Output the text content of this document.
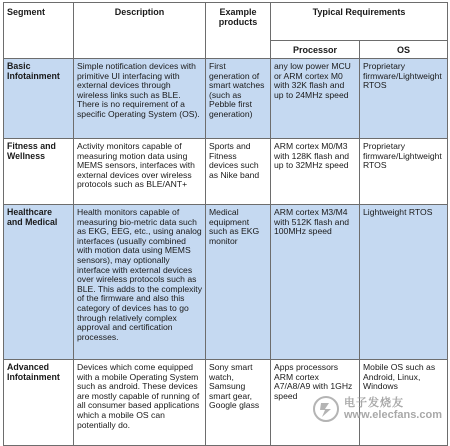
Segment	Description	Example products	Typical Requirements	
			Processor	OS
Basic Infotainment	Simple notification devices with primitive UI interfacing with external devices through wireless links such as BLE. There is no requirement of a specific Operating System (OS).	First generation of smart watches (such as Pebble first generation)	any low power MCU or ARM cortex M0 with 32K flash and up to 24MHz speed	Proprietary firmware/Lightweight RTOS
Fitness and Wellness	Activity monitors capable of measuring motion data using MEMS sensors, interfaces with external devices over wireless protocols such as BLE/ANT+	Sports and Fitness devices such as Nike band	ARM cortex M0/M3 with 128K flash and up to 32MHz speed	Proprietary firmware/Lightweight RTOS
Healthcare and Medical	Health monitors capable of measuring bio-metric data such as EKG, EEG, etc., using analog interfaces (usually combined with motion data using MEMS sensors), may optionally interface with external devices over wireless protocols such as BLE. This adds to the complexity of the firmware and also this category of devices has to go through relatively complex approval and certification processes.	Medical equipment such as EKG monitor	ARM cortex M3/M4 with 512K flash and 100MHz speed	Lightweight RTOS
Advanced Infotainment	Devices which come equipped with a mobile Operating System such as android. These devices are mostly capable of running of all consumer based applications which a mobile OS can potentially do.	Sony smart watch, Samsung smart gear, Google glass	Apps processors ARM cortex A7/A8/A9 with 1GHz speed	Mobile OS such as Android, Linux, Windows
电子发烧友
www.elecfans.com
